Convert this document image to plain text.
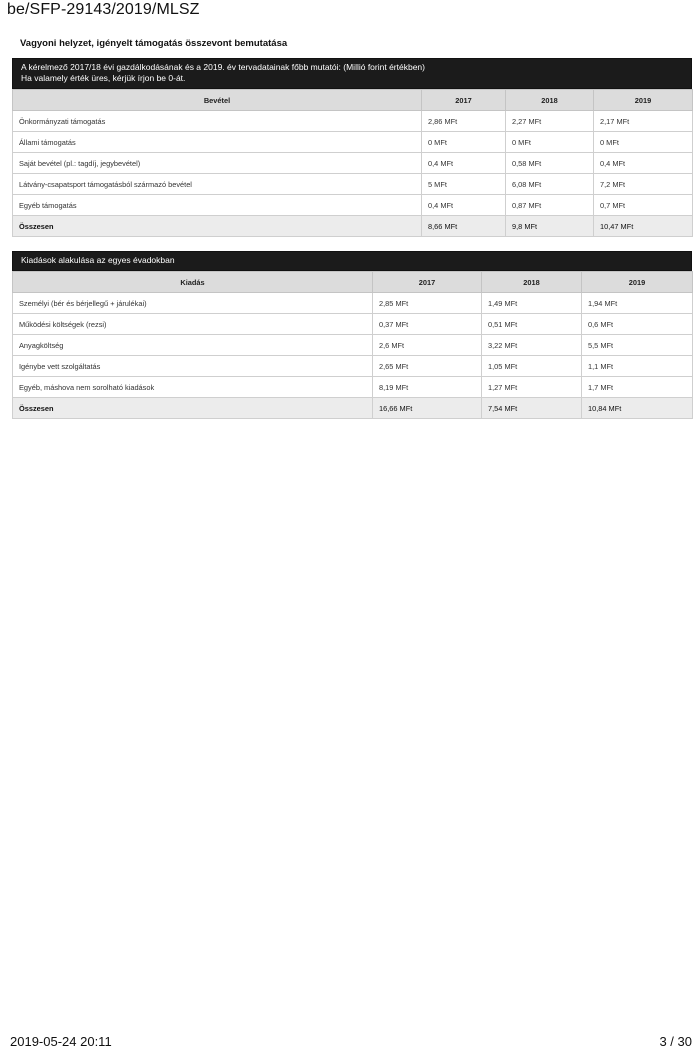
be/SFP-29143/2019/MLSZ
Vagyoni helyzet, igényelt támogatás összevont bemutatása
A kérelmező 2017/18 évi gazdálkodásának és a 2019. év tervadatainak főbb mutatói: (Millió forint értékben)
Ha valamely érték üres, kérjük írjon be 0-át.
Bevétel	2017	2018	2019
Önkormányzati támogatás	2,86 MFt	2,27 MFt	2,17 MFt
Állami támogatás	0 MFt	0 MFt	0 MFt
Saját bevétel (pl.: tagdíj, jegybevétel)	0,4 MFt	0,58 MFt	0,4 MFt
Látvány-csapatsport támogatásból származó bevétel	5 MFt	6,08 MFt	7,2 MFt
Egyéb támogatás	0,4 MFt	0,87 MFt	0,7 MFt
Összesen	8,66 MFt	9,8 MFt	10,47 MFt
Kiadások alakulása az egyes évadokban
Kiadás	2017	2018	2019
Személyi (bér és bérjellegű + járulékai)	2,85 MFt	1,49 MFt	1,94 MFt
Működési költségek (rezsi)	0,37 MFt	0,51 MFt	0,6 MFt
Anyagköltség	2,6 MFt	3,22 MFt	5,5 MFt
Igénybe vett szolgáltatás	2,65 MFt	1,05 MFt	1,1 MFt
Egyéb, máshova nem sorolható kiadások	8,19 MFt	1,27 MFt	1,7 MFt
Összesen	16,66 MFt	7,54 MFt	10,84 MFt
2019-05-24 20:11	3 / 30
